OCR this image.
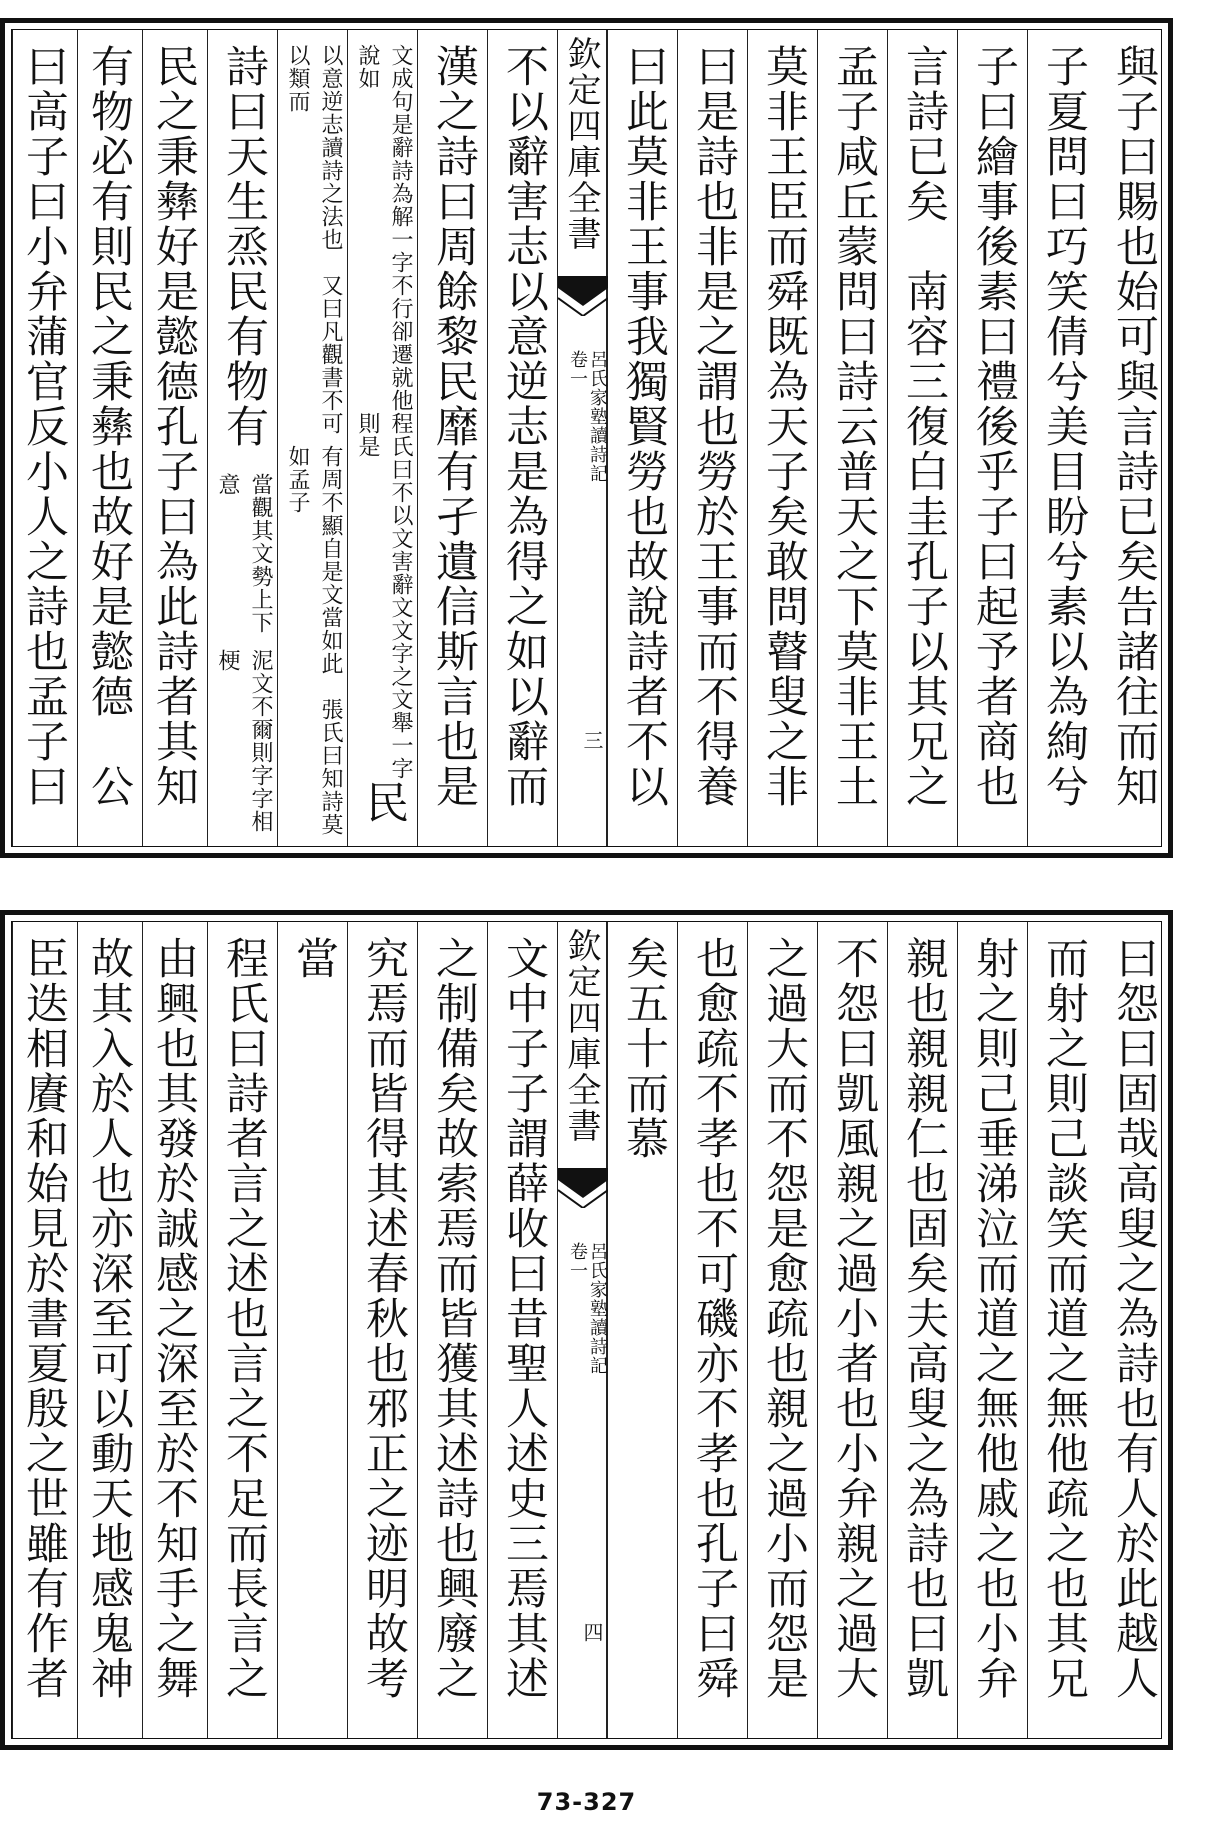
與子曰賜也始可與言詩已矣告諸往而知
子夏問曰巧笑倩兮美目盼兮素以為絢兮
子曰繪事後素曰禮後乎子曰起予者商也
言詩已矣　南容三復白圭孔子以其兄之
孟子咸丘蒙問曰詩云普天之下莫非王土
莫非王臣而舜既為天子矣敢問瞽叟之非
曰是詩也非是之謂也勞於王事而不得養
曰此莫非王事我獨賢勞也故說詩者不以
欽定四庫全書
呂氏家塾讀詩記
卷一
三
不以辭害志以意逆志是為得之如以辭而
漢之詩曰周餘黎民靡有孑遺信斯言也是
民
程氏曰不以文害辭文文字之文舉一字則是
文成句是辭詩為解一字不行卻遷就他說如
有周不顯自是文當如此　張氏曰知詩莫如孟子
以意逆志讀詩之法也　又曰凡觀書不可以類而
泥文不爾則字字相梗
當觀其文勢上下意
詩曰天生烝民有物有
民之秉彝好是懿德孔子曰為此詩者其知
有物必有則民之秉彝也故好是懿德　公
曰高子曰小弁蒲官反小人之詩也孟子曰
曰怨曰固哉高叟之為詩也有人於此越人
而射之則己談笑而道之無他疏之也其兄
射之則己垂涕泣而道之無他戚之也小弁
親也親親仁也固矣夫高叟之為詩也曰凱
不怨曰凱風親之過小者也小弁親之過大
之過大而不怨是愈疏也親之過小而怨是
也愈疏不孝也不可磯亦不孝也孔子曰舜
矣五十而慕
欽定四庫全書
呂氏家塾讀詩記
卷一
四
文中子子謂薛收曰昔聖人述史三焉其述
之制備矣故索焉而皆獲其述詩也興廢之
究焉而皆得其述春秋也邪正之迹明故考
當
程氏曰詩者言之述也言之不足而長言之
由興也其發於誠感之深至於不知手之舞
故其入於人也亦深至可以動天地感鬼神
臣迭相賡和始見於書夏殷之世雖有作者
73-327
